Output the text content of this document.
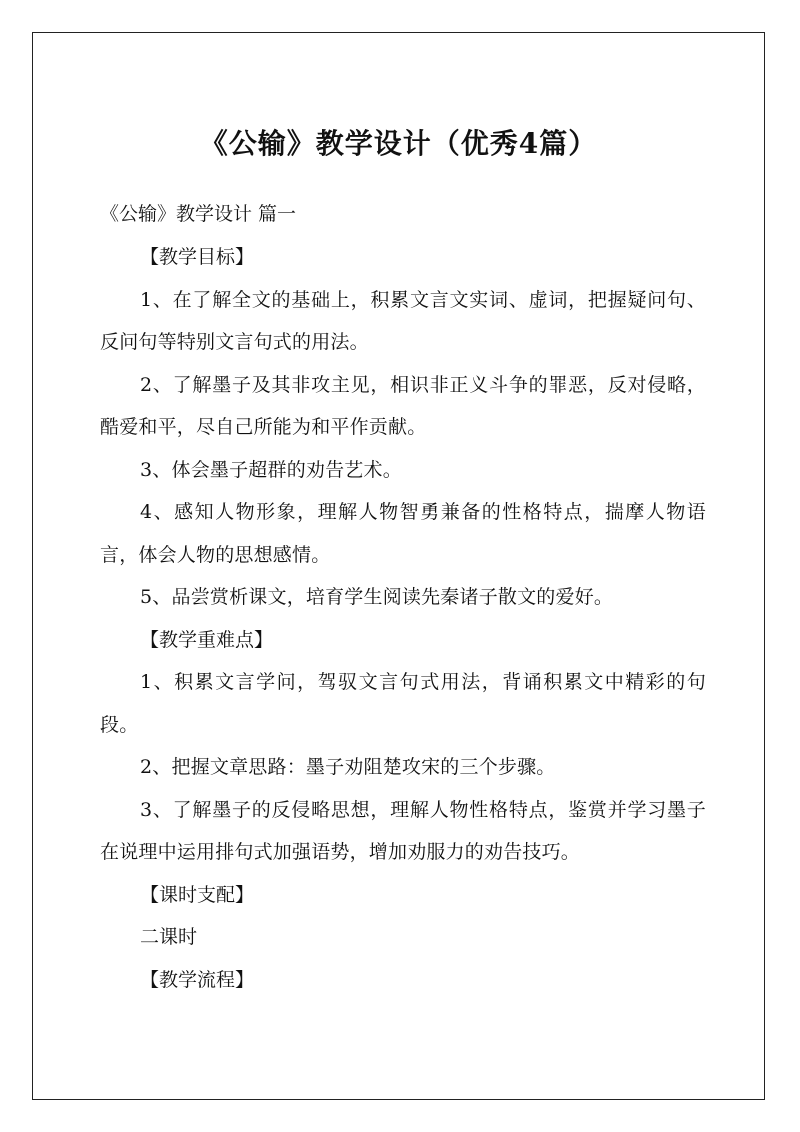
《公输》教学设计（优秀4篇）

《公输》教学设计 篇一

【教学目标】

1、在了解全文的基础上，积累文言文实词、虚词，把握疑问句、反问句等特别文言句式的用法。

2、了解墨子及其非攻主见，相识非正义斗争的罪恶，反对侵略，酷爱和平，尽自己所能为和平作贡献。

3、体会墨子超群的劝告艺术。

4、感知人物形象，理解人物智勇兼备的性格特点，揣摩人物语言，体会人物的思想感情。

5、品尝赏析课文，培育学生阅读先秦诸子散文的爱好。

【教学重难点】

1、积累文言学问，驾驭文言句式用法，背诵积累文中精彩的句段。

2、把握文章思路：墨子劝阻楚攻宋的三个步骤。

3、了解墨子的反侵略思想，理解人物性格特点，鉴赏并学习墨子在说理中运用排句式加强语势，增加劝服力的劝告技巧。

【课时支配】

二课时

【教学流程】
